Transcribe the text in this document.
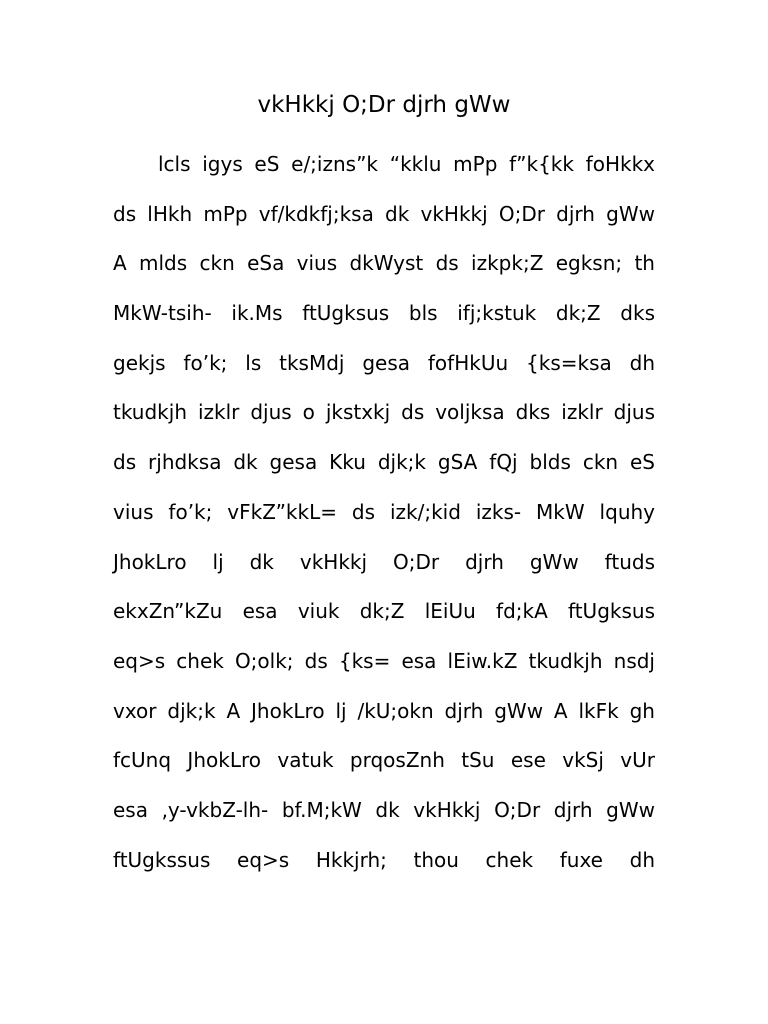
vkHkkj O;Dr djrh gWw
lcls igys eS e/;izns”k “kklu mPp f”k{kk foHkkx
ds lHkh mPp vf/kdkfj;ksa dk vkHkkj O;Dr djrh gWw
A mlds ckn eSa vius dkWyst ds izkpk;Z egksn; th
MkW-tsih- ik.Ms ftUgksus bls ifj;kstuk dk;Z dks
gekjs fo’k; ls tksMdj gesa fofHkUu {ks=ksa dh
tkudkjh izklr djus o jkstxkj ds voljksa dks izklr djus
ds rjhdksa dk gesa Kku djk;k gSA fQj blds ckn eS
vius fo’k; vFkZ”kkL= ds izk/;kid izks- MkW lquhy
JhokLro lj dk vkHkkj O;Dr djrh gWw ftuds
ekxZn”kZu esa viuk dk;Z lEiUu fd;kA ftUgksus
eq>s chek O;olk; ds {ks= esa lEiw.kZ tkudkjh nsdj
vxor djk;k A JhokLro lj /kU;okn djrh gWw A lkFk gh
fcUnq JhokLro vatuk prqosZnh tSu ese vkSj vUr
esa ,y-vkbZ-lh- bf.M;kW dk vkHkkj O;Dr djrh gWw
ftUgkssus eq>s Hkkjrh; thou chek fuxe dh
